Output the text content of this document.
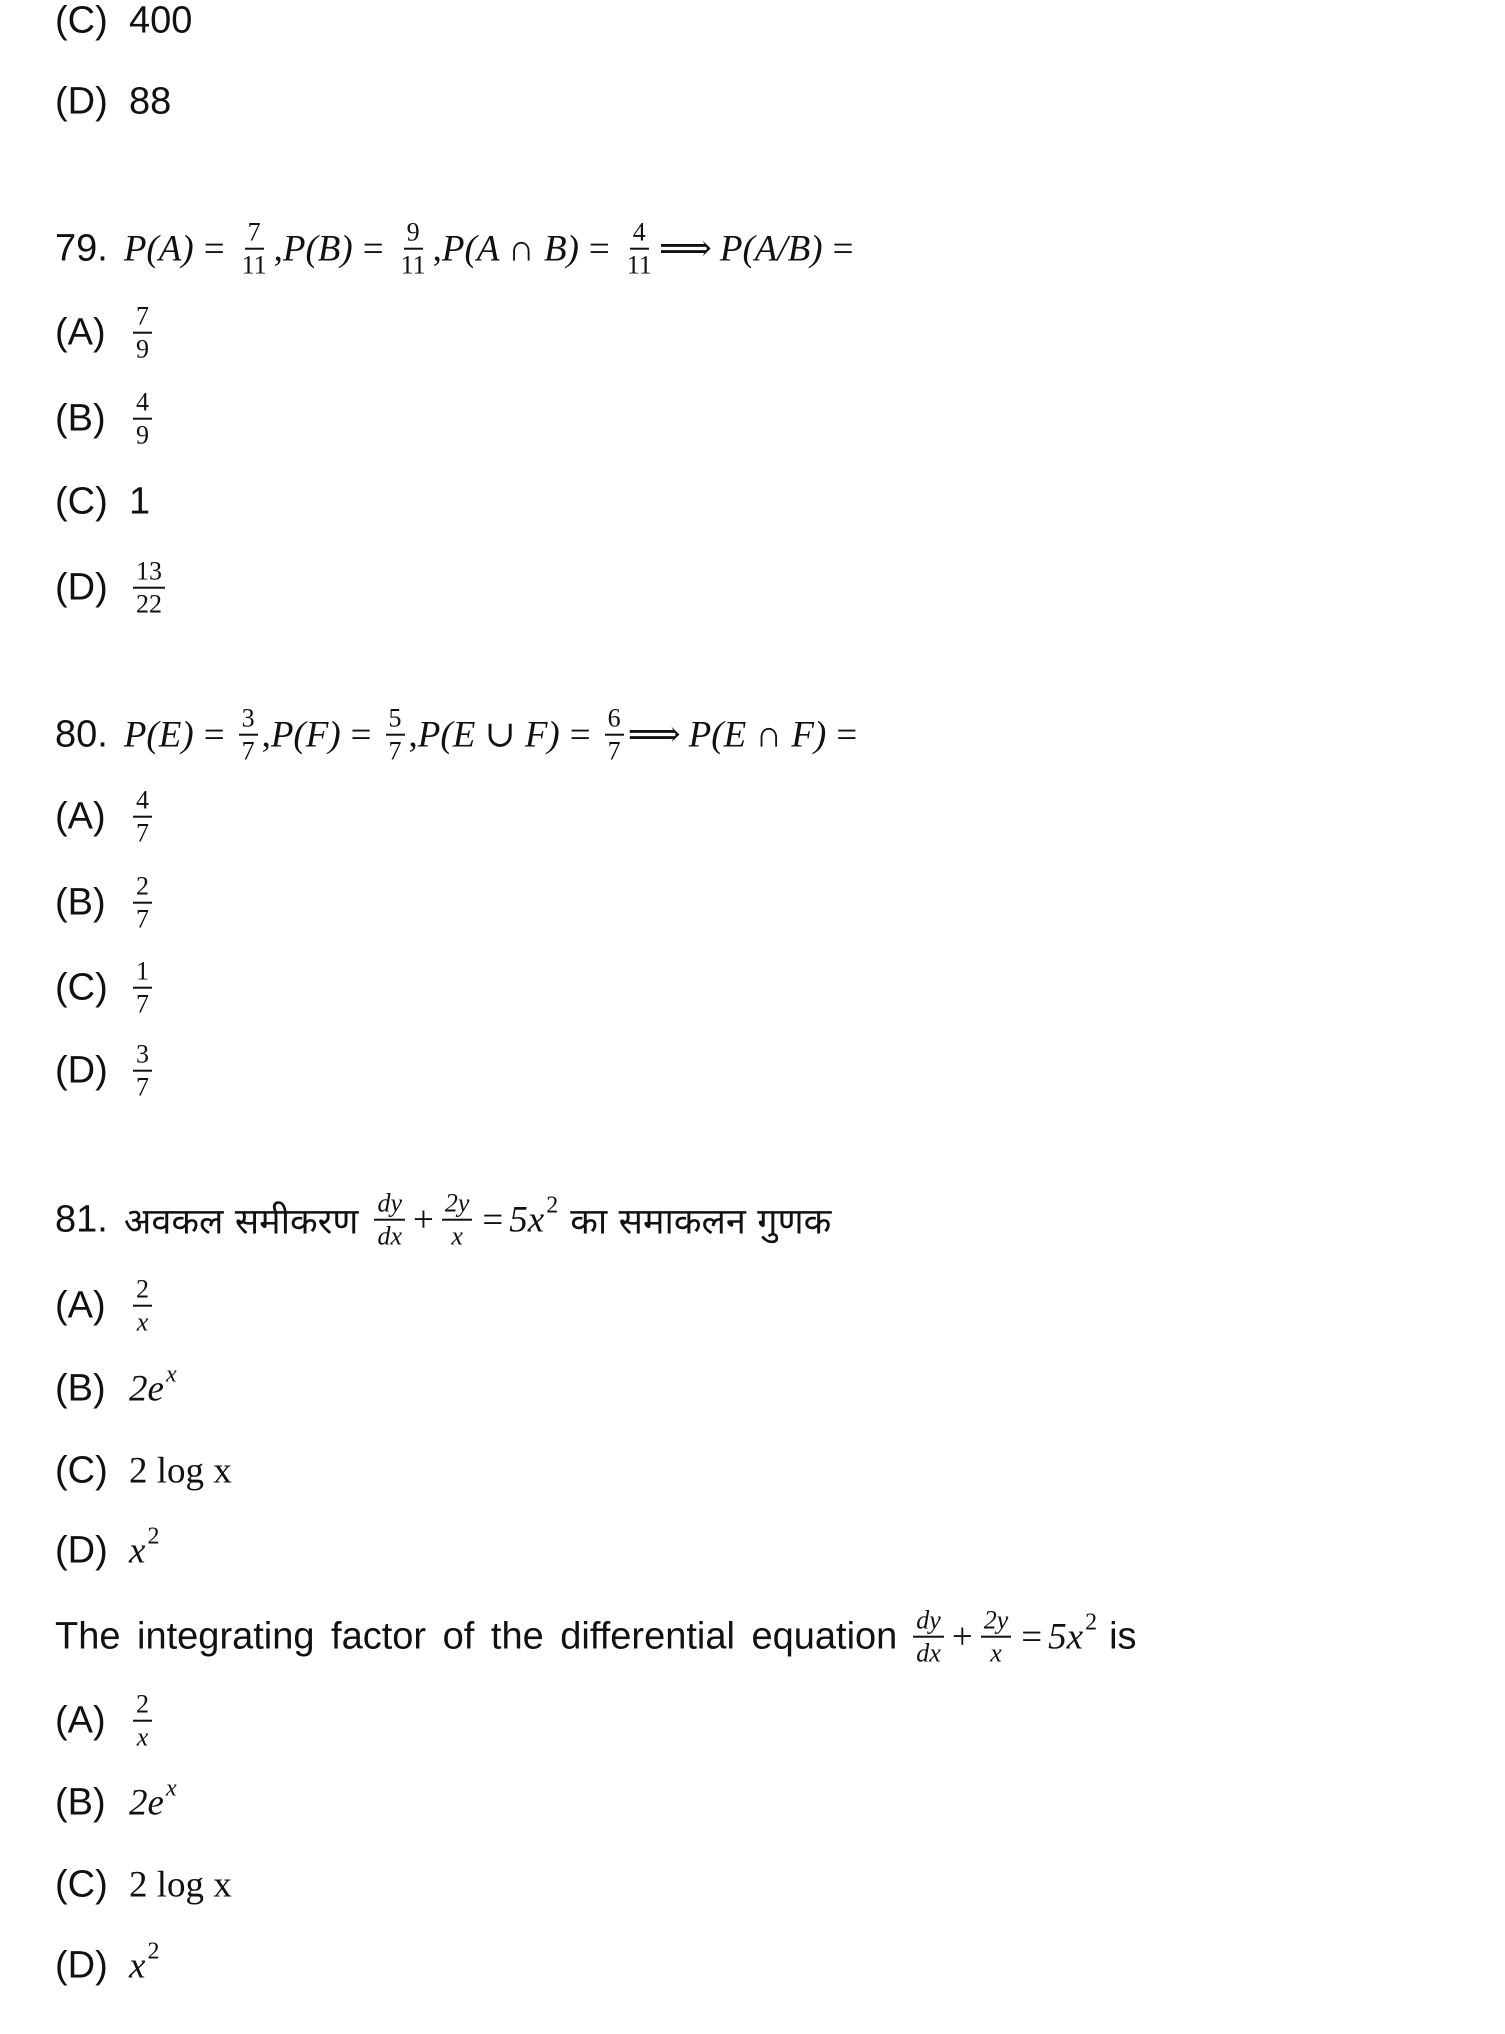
(C) 400
(D) 88
79. $P(A) = \frac{7}{11}$ , $P(B) = \frac{9}{11}$ , P(A ∩ $B) = \frac{4}{11}$ ⟹ P(A/B) =
(A)	$\frac{7}{9}$
(B)	$\frac{4}{9}$
(C) 1
$(D) \frac{13}{22}$
80. $P(E) = \frac{3}{7}$ , $P(F) = \frac{5}{7}$ , P(E ∪ $F) = \frac{6}{7}$ ⟹ P(E ∩ F) =
(A)	$\frac{4}{7}$
(B)	$\frac{2}{7}$
$(C) \frac{1}{7}$
$(D) \frac{3}{7}$
81. अवकल समीकरण $\frac{dy}{dx} + \frac{2y}{x} = 5x$ 2 का समाकलन गुणक
(A)	$\frac{2}{x}$
(B) 2e x
(C) 2 log x
(D) x 2
The integrating factor of the differential equation $\frac{dy}{dx} + \frac{2y}{x} = 5x$ 2 is
(A)	$\frac{2}{x}$
(B) 2e x
(C) 2 log x
(D) x 2
